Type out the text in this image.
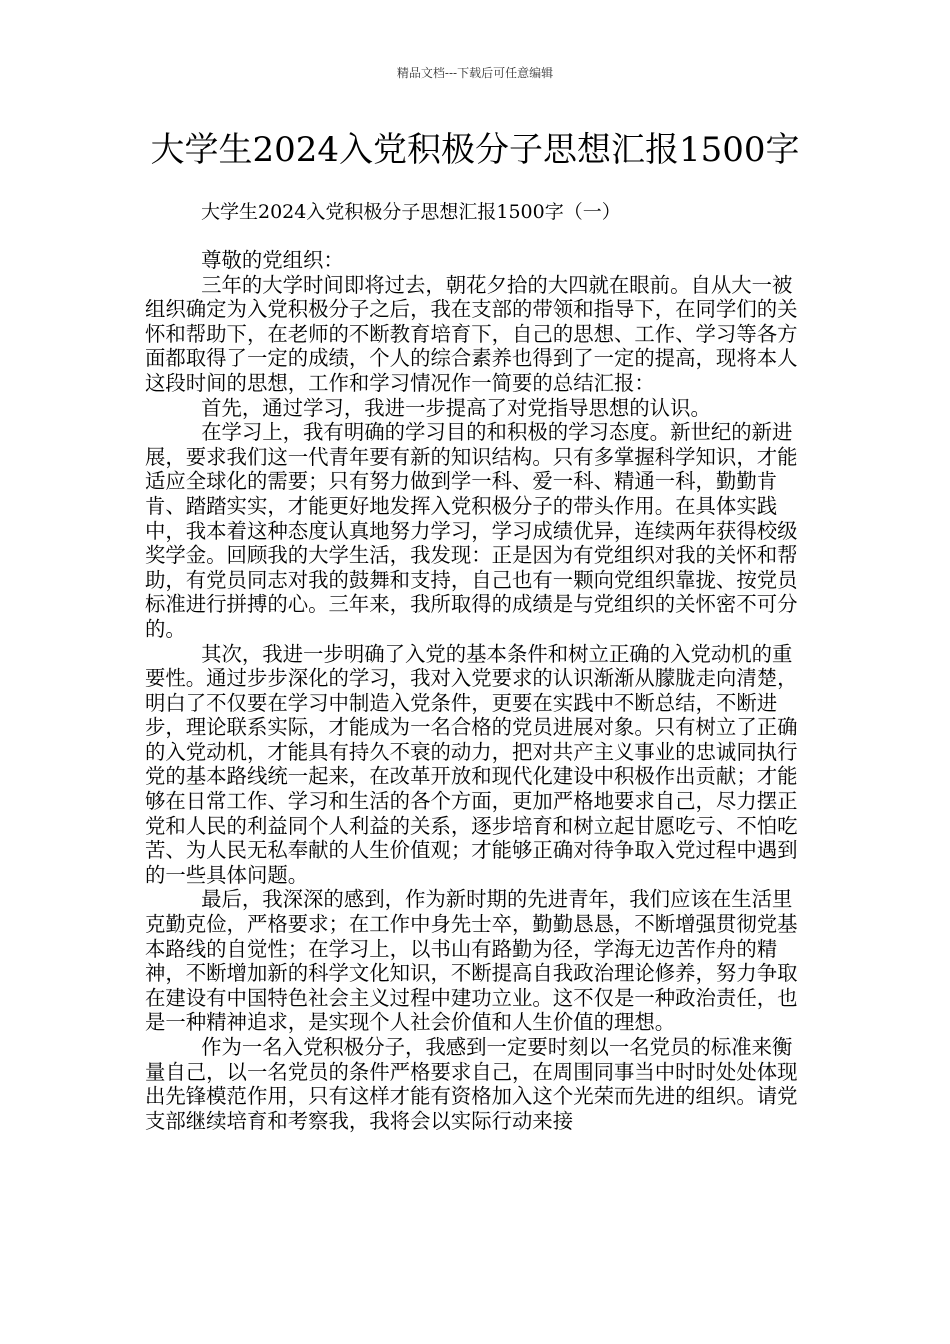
精品文档---下载后可任意编辑
大学生2024入党积极分子思想汇报1500字
大学生2024入党积极分子思想汇报1500字（一）

尊敬的党组织：

三年的大学时间即将过去，朝花夕拾的大四就在眼前。自从大一被组织确定为入党积极分子之后，我在支部的带领和指导下，在同学们的关怀和帮助下，在老师的不断教育培育下，自己的思想、工作、学习等各方面都取得了一定的成绩，个人的综合素养也得到了一定的提高，现将本人这段时间的思想，工作和学习情况作一简要的总结汇报：

首先，通过学习，我进一步提高了对党指导思想的认识。

在学习上，我有明确的学习目的和积极的学习态度。新世纪的新进展，要求我们这一代青年要有新的知识结构。只有多掌握科学知识，才能适应全球化的需要；只有努力做到学一科、爱一科、精通一科，勤勤肯肯、踏踏实实，才能更好地发挥入党积极分子的带头作用。在具体实践中，我本着这种态度认真地努力学习，学习成绩优异，连续两年获得校级奖学金。回顾我的大学生活，我发现：正是因为有党组织对我的关怀和帮助，有党员同志对我的鼓舞和支持，自己也有一颗向党组织靠拢、按党员标准进行拼搏的心。三年来，我所取得的成绩是与党组织的关怀密不可分的。

其次，我进一步明确了入党的基本条件和树立正确的入党动机的重要性。通过步步深化的学习，我对入党要求的认识渐渐从朦胧走向清楚，明白了不仅要在学习中制造入党条件，更要在实践中不断总结，不断进步，理论联系实际，才能成为一名合格的党员进展对象。只有树立了正确的入党动机，才能具有持久不衰的动力，把对共产主义事业的忠诚同执行党的基本路线统一起来，在改革开放和现代化建设中积极作出贡献；才能够在日常工作、学习和生活的各个方面，更加严格地要求自己，尽力摆正党和人民的利益同个人利益的关系，逐步培育和树立起甘愿吃亏、不怕吃苦、为人民无私奉献的人生价值观；才能够正确对待争取入党过程中遇到的一些具体问题。

最后，我深深的感到，作为新时期的先进青年，我们应该在生活里克勤克俭，严格要求；在工作中身先士卒，勤勤恳恳，不断增强贯彻党基本路线的自觉性；在学习上，以书山有路勤为径，学海无边苦作舟的精神，不断增加新的科学文化知识，不断提高自我政治理论修养，努力争取在建设有中国特色社会主义过程中建功立业。这不仅是一种政治责任，也是一种精神追求，是实现个人社会价值和人生价值的理想。

作为一名入党积极分子，我感到一定要时刻以一名党员的标准来衡量自己，以一名党员的条件严格要求自己，在周围同事当中时时处处体现出先锋模范作用，只有这样才能有资格加入这个光荣而先进的组织。请党支部继续培育和考察我，我将会以实际行动来接
